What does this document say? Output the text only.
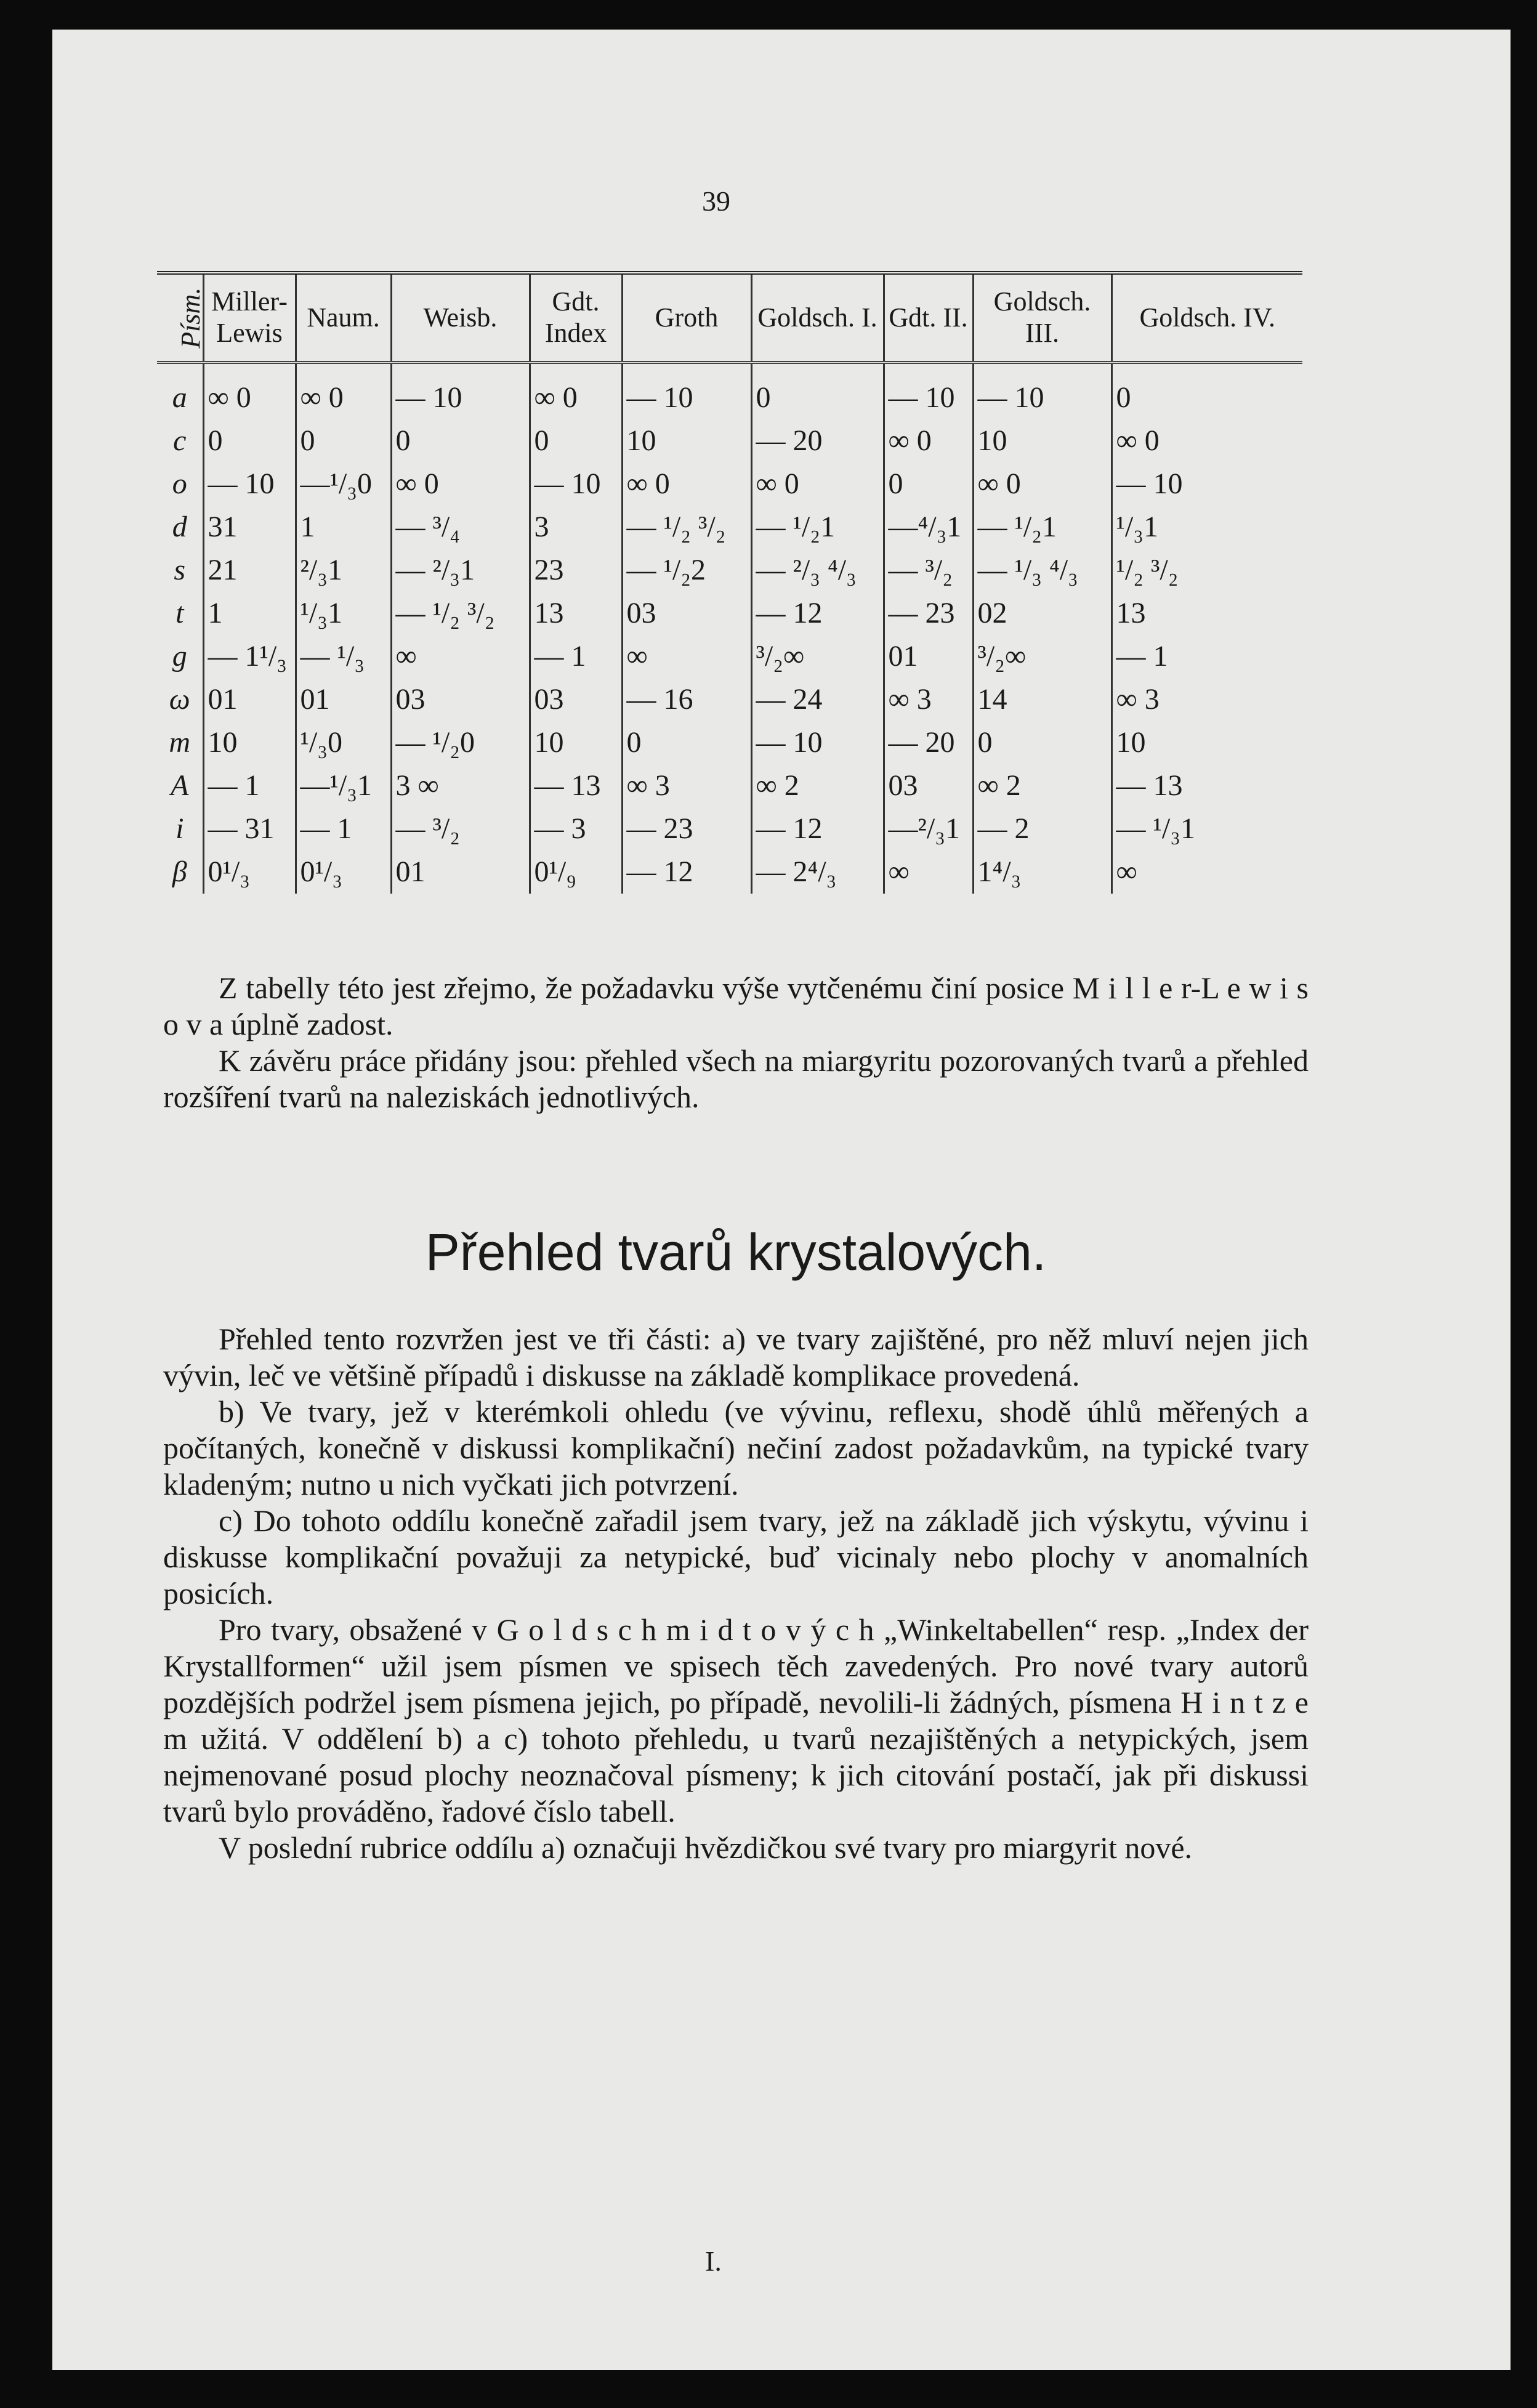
39
Písm.	Miller-Lewis	Naum.	Weisb.	Gdt. Index	Groth	Goldsch. I.	Gdt. II.	Goldsch. III.	Goldsch. IV.
a	∞ 0	∞ 0	— 10	∞ 0	— 10	0	— 10	— 10	0
c	0	0	0	0	10	— 20	∞ 0	10	∞ 0
o	— 10	—¹/₃0	∞ 0	— 10	∞ 0	∞ 0	0	∞ 0	— 10
d	31	1	— ³/₄	3	— ¹/₂ ³/₂	— ¹/₂1	—⁴/₃1	— ¹/₂1	¹/₃1
s	21	²/₃1	— ²/₃1	23	— ¹/₂2	— ²/₃ ⁴/₃	— ³/₂	— ¹/₃ ⁴/₃	¹/₂ ³/₂
t	1	¹/₃1	— ¹/₂ ³/₂	13	03	— 12	— 23	02	13
g	— 1¹/₃	— ¹/₃	∞	— 1	∞	³/₂∞	01	³/₂∞	— 1
ω	01	01	03	03	— 16	— 24	∞ 3	14	∞ 3
m	10	¹/₃0	— ¹/₂0	10	0	— 10	— 20	0	10
A	— 1	—¹/₃1	3 ∞	— 13	∞ 3	∞ 2	03	∞ 2	— 13
i	— 31	— 1	— ³/₂	— 3	— 23	— 12	—²/₃1	— 2	— ¹/₃1
β	0¹/₃	0¹/₃	01	0¹/₉	— 12	— 2⁴/₃	∞	1⁴/₃	∞

Z tabelly této jest zřejmo, že požadavku výše vytčenému činí posice M i l l e r-L e w i s o v a úplně zadost.

K závěru práce přidány jsou: přehled všech na miargyritu pozorovaných tvarů a přehled rozšíření tvarů na naleziskách jednotlivých.

Přehled tvarů krystalových.

Přehled tento rozvržen jest ve tři části: a) ve tvary zajištěné, pro něž mluví nejen jich vývin, leč ve většině případů i diskusse na základě komplikace provedená.

b) Ve tvary, jež v kterémkoli ohledu (ve vývinu, reflexu, shodě úhlů měřených a počítaných, konečně v diskussi komplikační) nečiní zadost požadavkům, na typické tvary kladeným; nutno u nich vyčkati jich potvrzení.

c) Do tohoto oddílu konečně zařadil jsem tvary, jež na základě jich výskytu, vývinu i diskusse komplikační považuji za netypické, buď vicinaly nebo plochy v anomalních posicích.

Pro tvary, obsažené v G o l d s c h m i d t o v ý c h „Winkeltabellen“ resp. „Index der Krystallformen“ užil jsem písmen ve spisech těch zavedených. Pro nové tvary autorů pozdějších podržel jsem písmena jejich, po případě, nevolili-li žádných, písmena H i n t z e m užitá. V oddělení b) a c) tohoto přehledu, u tvarů nezajištěných a netypických, jsem nejmenované posud plochy neoznačoval písmeny; k jich citování postačí, jak při diskussi tvarů bylo prováděno, řadové číslo tabell.

V poslední rubrice oddílu a) označuji hvězdičkou své tvary pro miargyrit nové.

I.
